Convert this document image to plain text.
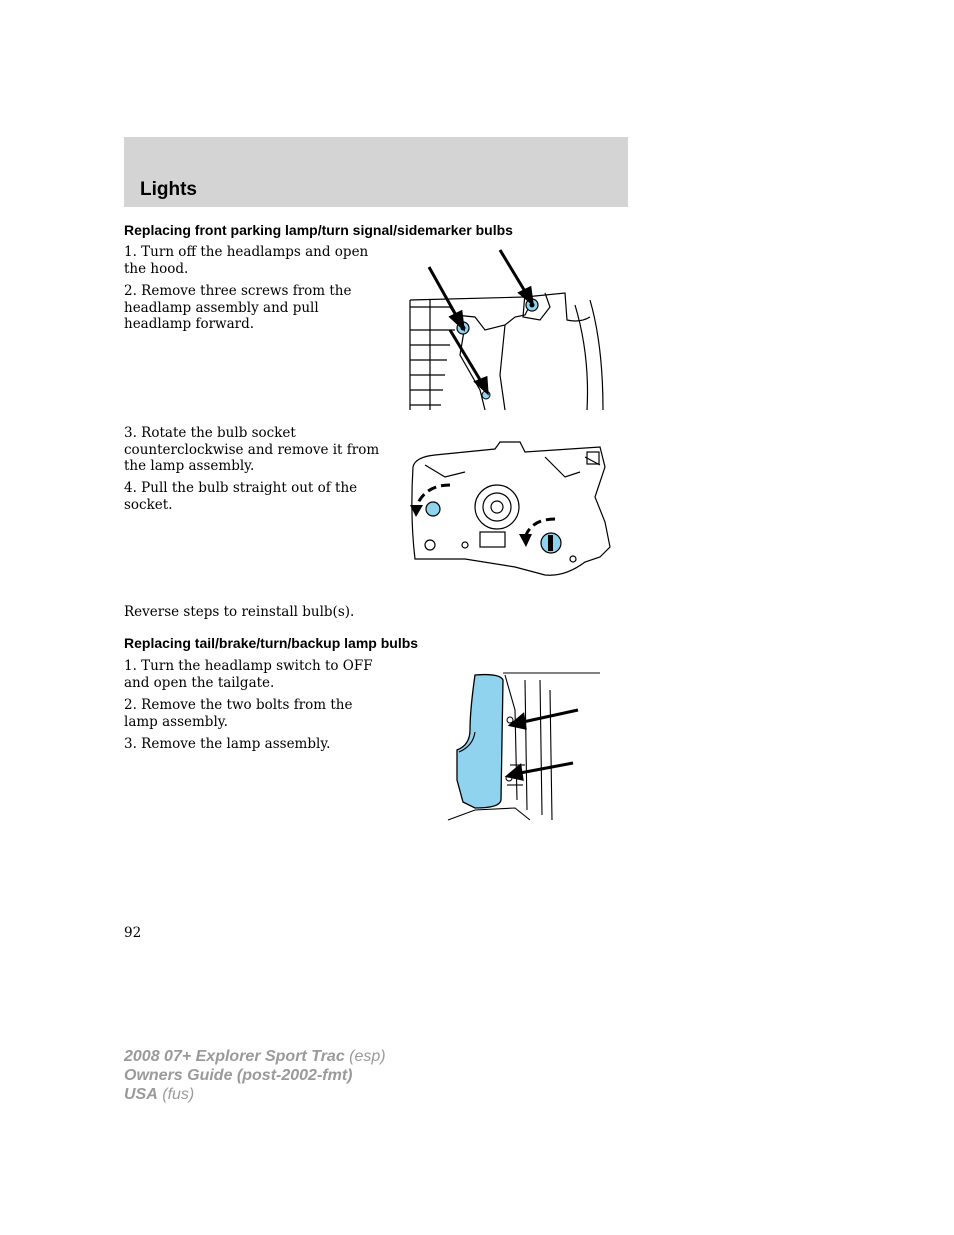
Lights
Replacing front parking lamp/turn signal/sidemarker bulbs
1. Turn off the headlamps and open the hood.
2. Remove three screws from the headlamp assembly and pull headlamp forward.
3. Rotate the bulb socket counterclockwise and remove it from the lamp assembly.
4. Pull the bulb straight out of the socket.
Reverse steps to reinstall bulb(s).
Replacing tail/brake/turn/backup lamp bulbs
1. Turn the headlamp switch to OFF and open the tailgate.
2. Remove the two bolts from the lamp assembly.
3. Remove the lamp assembly.
92
2008 07+ Explorer Sport Trac (esp)
Owners Guide (post-2002-fmt)
USA (fus)
